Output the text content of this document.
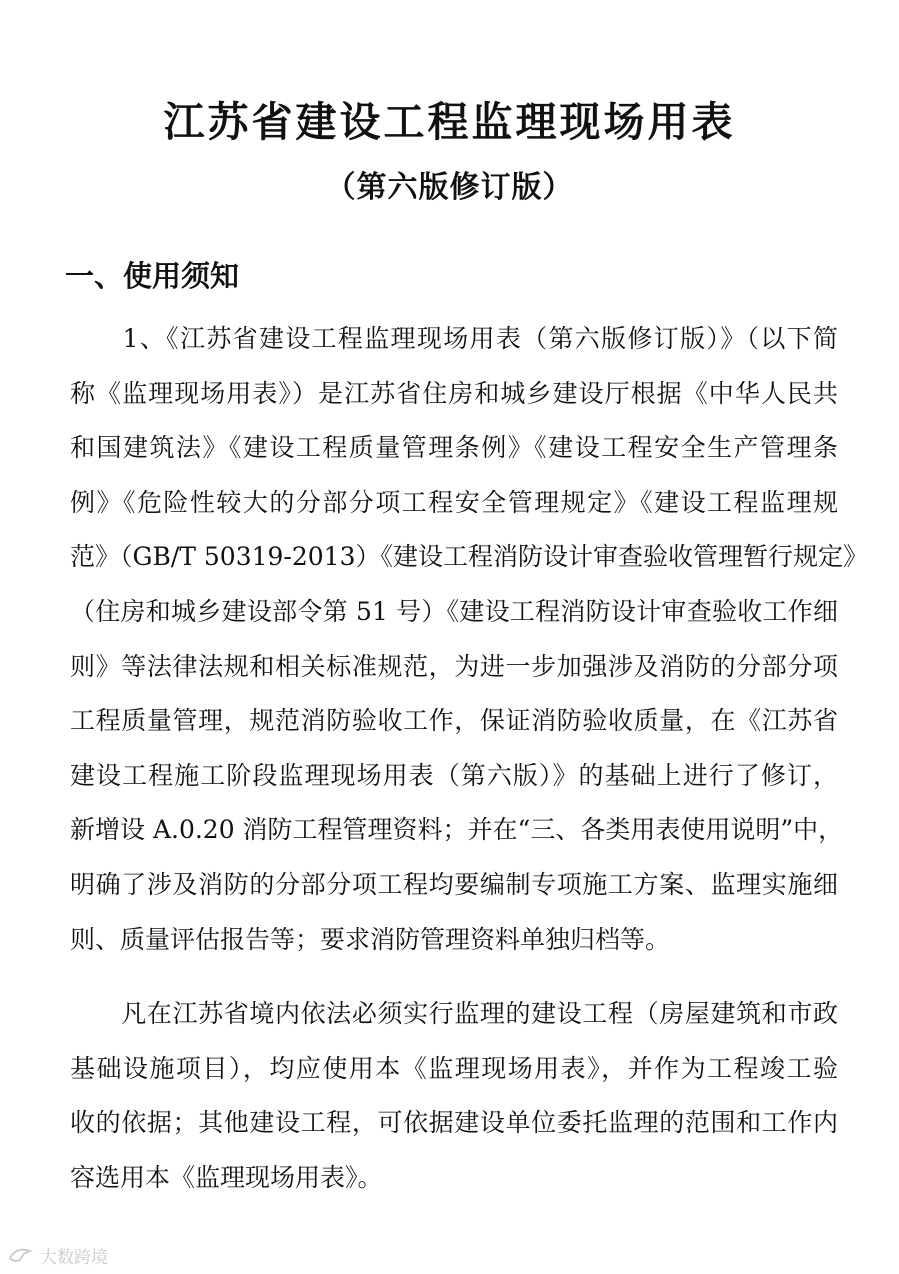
江苏省建设工程监理现场用表
（第六版修订版）
一、使用须知
　　1、《江苏省建设工程监理现场用表（第六版修订版）》（以下简
称《监理现场用表》）是江苏省住房和城乡建设厅根据《中华人民共
和国建筑法》《建设工程质量管理条例》《建设工程安全生产管理条
例》《危险性较大的分部分项工程安全管理规定》《建设工程监理规
范》（GB/T 50319-2013）《建设工程消防设计审查验收管理暂行规定》
（住房和城乡建设部令第 51 号）《建设工程消防设计审查验收工作细
则》等法律法规和相关标准规范，为进一步加强涉及消防的分部分项
工程质量管理，规范消防验收工作，保证消防验收质量，在《江苏省
建设工程施工阶段监理现场用表（第六版）》的基础上进行了修订，
新增设 A.0.20 消防工程管理资料；并在“三、各类用表使用说明”中，
明确了涉及消防的分部分项工程均要编制专项施工方案、监理实施细
则、质量评估报告等；要求消防管理资料单独归档等。
　　凡在江苏省境内依法必须实行监理的建设工程（房屋建筑和市政
基础设施项目），均应使用本《监理现场用表》，并作为工程竣工验
收的依据；其他建设工程，可依据建设单位委托监理的范围和工作内
容选用本《监理现场用表》。
大数跨境
